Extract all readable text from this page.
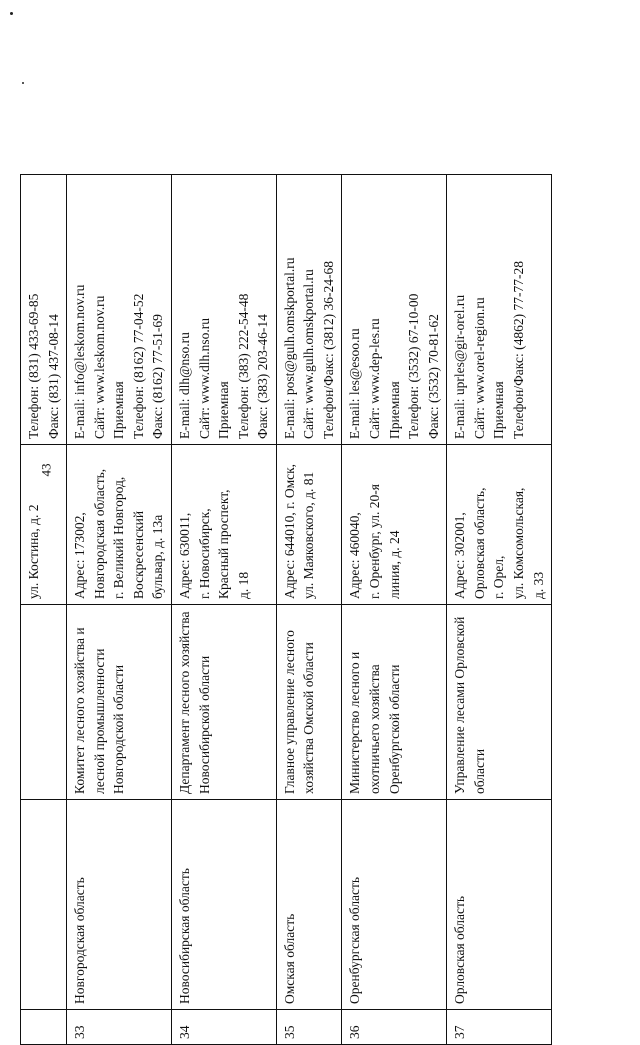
43

			ул. Костина, д. 2	Телефон: (831) 433-69-85 Факс: (831) 437-08-14

33	Новгородская область	Комитет лесного хозяйства и лесной промышленности Новгородской области	Адрес: 173002, Новгородская область, г. Великий Новгород, Воскресенский бульвар, д. 13а	E-mail: info@leskom.nov.ru Сайт: www.leskom.nov.ru Приемная Телефон: (8162) 77-04-52 Факс: (8162) 77-51-69

34	Новосибирская область	Департамент лесного хозяйства Новосибирской области	Адрес: 630011, г. Новосибирск, Красный проспект, д. 18	E-mail: dlh@nso.ru Сайт: www.dlh.nso.ru Приемная Телефон: (383) 222-54-48 Факс: (383) 203-46-14

35	Омская область	Главное управление лесного хозяйства Омской области	Адрес: 644010, г. Омск, ул. Маяковского, д. 81	E-mail: post@gulh.omskportal.ru Сайт: www.gulh.omskportal.ru Телефон/Факс: (3812) 36-24-68

36	Оренбургская область	Министерство лесного и охотничьего хозяйства Оренбургской области	Адрес: 460040, г. Оренбург, ул. 20-я линия, д. 24	E-mail: les@esoo.ru Сайт: www.dep-les.ru Приемная Телефон: (3532) 67-10-00 Факс: (3532) 70-81-62

37	Орловская область	Управление лесами Орловской области	Адрес: 302001, Орловская область, г. Орел, ул. Комсомольская, д. 33	E-mail: uprles@gir-orel.ru Сайт: www.orel-region.ru Приемная Телефон/Факс: (4862) 77-77-28
